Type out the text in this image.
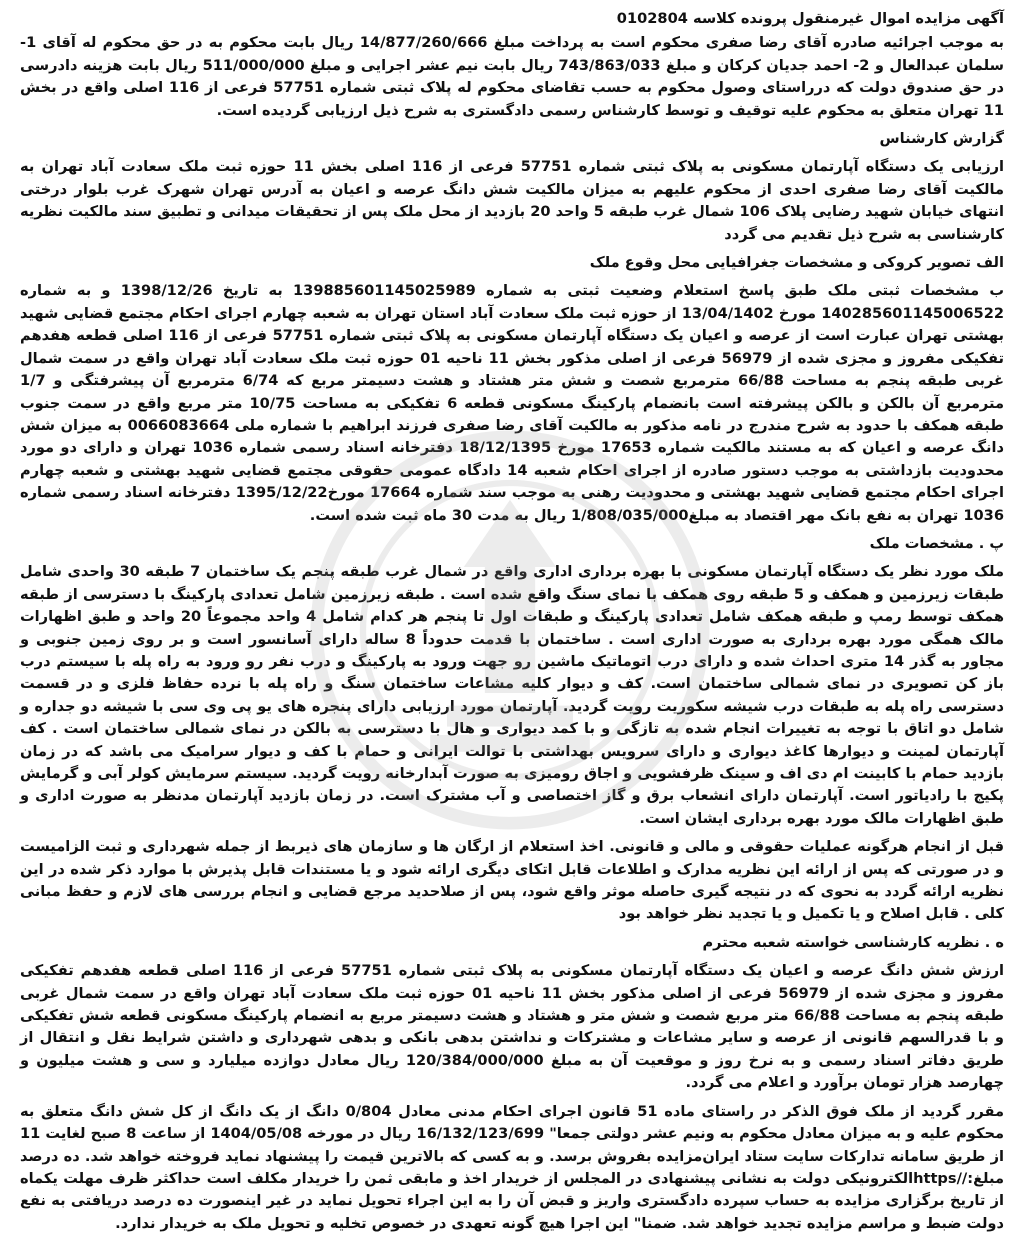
آگهی مزایده اموال غیرمنقول پرونده کلاسه 0102804
به موجب اجرائیه صادره آقای رضا صفری محکوم است به پرداخت مبلغ 14/877/260/666 ریال بابت محکوم به در حق محکوم له آقای 1-سلمان عبدالعال و 2- احمد جدیان کرکان و مبلغ 743/863/033 ریال بابت نیم عشر اجرایی و مبلغ 511/000/000 ریال بابت هزینه دادرسی در حق صندوق دولت که درراستای وصول محکوم به حسب تقاضای محکوم له پلاک ثبتی شماره 57751 فرعی از 116 اصلی واقع در بخش 11 تهران متعلق به محکوم علیه توقیف و توسط کارشناس رسمی دادگستری به شرح ذیل ارزیابی گردیده است.
گزارش کارشناس
ارزیابی یک دستگاه آپارتمان مسکونی به پلاک ثبتی شماره 57751 فرعی از 116 اصلی بخش 11 حوزه ثبت ملک سعادت آباد تهران به مالکیت آقای رضا صفری احدی از محکوم علیهم به میزان مالکیت شش دانگ عرصه و اعیان به آدرس تهران شهرک غرب بلوار درختی انتهای خیابان شهید رضایی پلاک 106 شمال غرب طبقه 5 واحد 20 بازدید از محل ملک پس از تحقیقات میدانی و تطبیق سند مالکیت نظریه کارشناسی به شرح ذیل تقدیم می گردد
الف تصویر کروکی و مشخصات جغرافیایی محل وقوع ملک
ب مشخصات ثبتی ملک طبق پاسخ استعلام وضعیت ثبتی به شماره 139885601145025989 به تاریخ 1398/12/26 و به شماره 140285601145006522 مورخ 13/04/1402 از حوزه ثبت ملک سعادت آباد استان تهران به شعبه چهارم اجرای احکام مجتمع قضایی شهید بهشتی تهران عبارت است از عرصه و اعیان یک دستگاه آپارتمان مسکونی به پلاک ثبتی شماره 57751 فرعی از 116 اصلی قطعه هفدهم تفکیکی مفروز و مجزی شده از 56979 فرعی از اصلی مذکور بخش 11 ناحیه 01 حوزه ثبت ملک سعادت آباد تهران واقع در سمت شمال غربی طبقه پنجم به مساحت 66/88 مترمربع شصت و شش متر هشتاد و هشت دسیمتر مربع که 6/74 مترمربع آن پیشرفتگی و 1/7 مترمربع آن بالکن و بالکن پیشرفته است بانضمام پارکینگ مسکونی قطعه 6 تفکیکی به مساحت 10/75 متر مربع واقع در سمت جنوب طبقه همکف با حدود به شرح مندرج در نامه مذکور به مالکیت آقای رضا صفری فرزند ابراهیم با شماره ملی 0066083664 به میزان شش دانگ عرصه و اعیان که به مستند مالکیت شماره 17653 مورخ 18/12/1395 دفترخانه اسناد رسمی شماره 1036 تهران و دارای دو مورد محدودیت بازداشتی به موجب دستور صادره از اجرای احکام شعبه 14 دادگاه عمومی حقوقی مجتمع قضایی شهید بهشتی و شعبه چهارم اجرای احکام مجتمع قضایی شهید بهشتی و محدودیت رهنی به موجب سند شماره 17664 مورخ1395/12/22 دفترخانه اسناد رسمی شماره 1036 تهران به نفع بانک مهر اقتصاد به مبلغ1/808/035/000 ریال به مدت 30 ماه ثبت شده است.
پ . مشخصات ملک
ملک مورد نظر یک دستگاه آپارتمان مسکونی با بهره برداری اداری واقع در شمال غرب طبقه پنجم یک ساختمان 7 طبقه 30 واحدی شامل طبقات زیرزمین و همکف و 5 طبقه روی همکف با نمای سنگ واقع شده است . طبقه زیرزمین شامل تعدادی پارکینگ با دسترسی از طبقه همکف توسط رمپ و طبقه همکف شامل تعدادی پارکینگ و طبقات اول تا پنجم هر کدام شامل 4 واحد مجموعاً 20 واحد و طبق اظهارات مالک همگی مورد بهره برداری به صورت اداری است . ساختمان با قدمت حدوداً 8 ساله دارای آسانسور است و بر روی زمین جنوبی و مجاور به گذر 14 متری احداث شده و دارای درب اتوماتیک ماشین رو جهت ورود به پارکینگ و درب نفر رو ورود به راه پله با سیستم درب باز کن تصویری در نمای شمالی ساختمان است. کف و دیوار کلیه مشاعات ساختمان سنگ و راه پله با نرده حفاظ فلزی و در قسمت دسترسی راه پله به طبقات درب شیشه سکوریت رویت گردید. آپارتمان مورد ارزیابی دارای پنجره های یو پی وی سی با شیشه دو جداره و شامل دو اتاق با توجه به تغییرات انجام شده به تازگی و با کمد دیواری و هال با دسترسی به بالکن در نمای شمالی ساختمان است . کف آپارتمان لمینت و دیوارها کاغذ دیواری و دارای سرویس بهداشتی با توالت ایرانی و حمام با کف و دیوار سرامیک می باشد که در زمان بازدید حمام با کابینت ام دی اف و سینک ظرفشویی و اجاق رومیزی به صورت آبدارخانه رویت گردید. سیستم سرمایش کولر آبی و گرمایش پکیج با رادیاتور است. آپارتمان دارای انشعاب برق و گاز اختصاصی و آب مشترک است. در زمان بازدید آپارتمان مدنظر به صورت اداری و طبق اظهارات مالک مورد بهره برداری ایشان است.
قبل از انجام هرگونه عملیات حقوقی و مالی و قانونی. اخذ استعلام از ارگان ها و سازمان های ذیربط از جمله شهرداری و ثبت الزامیست و در صورتی که پس از ارائه این نظریه مدارک و اطلاعات قابل اتکای دیگری ارائه شود و یا مستندات قابل پذیرش با موارد ذکر شده در این نظریه ارائه گردد به نحوی که در نتیجه گیری حاصله موثر واقع شود، پس از صلاحدید مرجع قضایی و انجام بررسی های لازم و حفظ مبانی کلی . قابل اصلاح و یا تکمیل و یا تجدید نظر خواهد بود
ه . نظریه کارشناسی خواسته شعبه محترم
ارزش شش دانگ عرصه و اعیان یک دستگاه آپارتمان مسکونی به پلاک ثبتی شماره 57751 فرعی از 116 اصلی قطعه هفدهم تفکیکی مفروز و مجزی شده از 56979 فرعی از اصلی مذکور بخش 11 ناحیه 01 حوزه ثبت ملک سعادت آباد تهران واقع در سمت شمال غربی طبقه پنجم به مساحت 66/88 متر مربع شصت و شش متر و هشتاد و هشت دسیمتر مربع به انضمام پارکینگ مسکونی قطعه شش تفکیکی و با قدرالسهم قانونی از عرصه و سایر مشاعات و مشترکات و نداشتن بدهی بانکی و بدهی شهرداری و داشتن شرایط نقل و انتقال از طریق دفاتر اسناد رسمی و به نرخ روز و موقعیت آن به مبلغ 120/384/000/000 ریال معادل دوازده میلیارد و سی و هشت میلیون و چهارصد هزار تومان برآورد و اعلام می گردد.
مقرر گردید از ملک فوق الذکر در راستای ماده 51 قانون اجرای احکام مدنی معادل 0/804 دانگ از یک دانگ از کل شش دانگ متعلق به محکوم علیه و به میزان معادل محکوم به ونیم عشر دولتی جمعا" 16/132/123/699 ریال در مورخه 1404/05/08 از ساعت 8 صبح لغایت 11 از طریق سامانه تدارکات سایت ستاد ایران‌مزایده بفروش برسد. و به کسی که بالاترین قیمت را پیشنهاد نماید فروخته خواهد شد. ده درصد مبلغ://httpsالکترونیکی دولت به نشانی پیشنهادی در المجلس از خریدار اخذ و مابقی ثمن را خریدار مکلف است حداکثر ظرف مهلت یکماه از تاریخ برگزاری مزایده به حساب سپرده دادگستری واریز و قبض آن را به این اجراء تحویل نماید در غیر اینصورت ده درصد دریافتی به نفع دولت ضبط و مراسم مزایده تجدید خواهد شد. ضمنا" این اجرا هیچ گونه تعهدی در خصوص تخلیه و تحویل ملک به خریدار ندارد.
